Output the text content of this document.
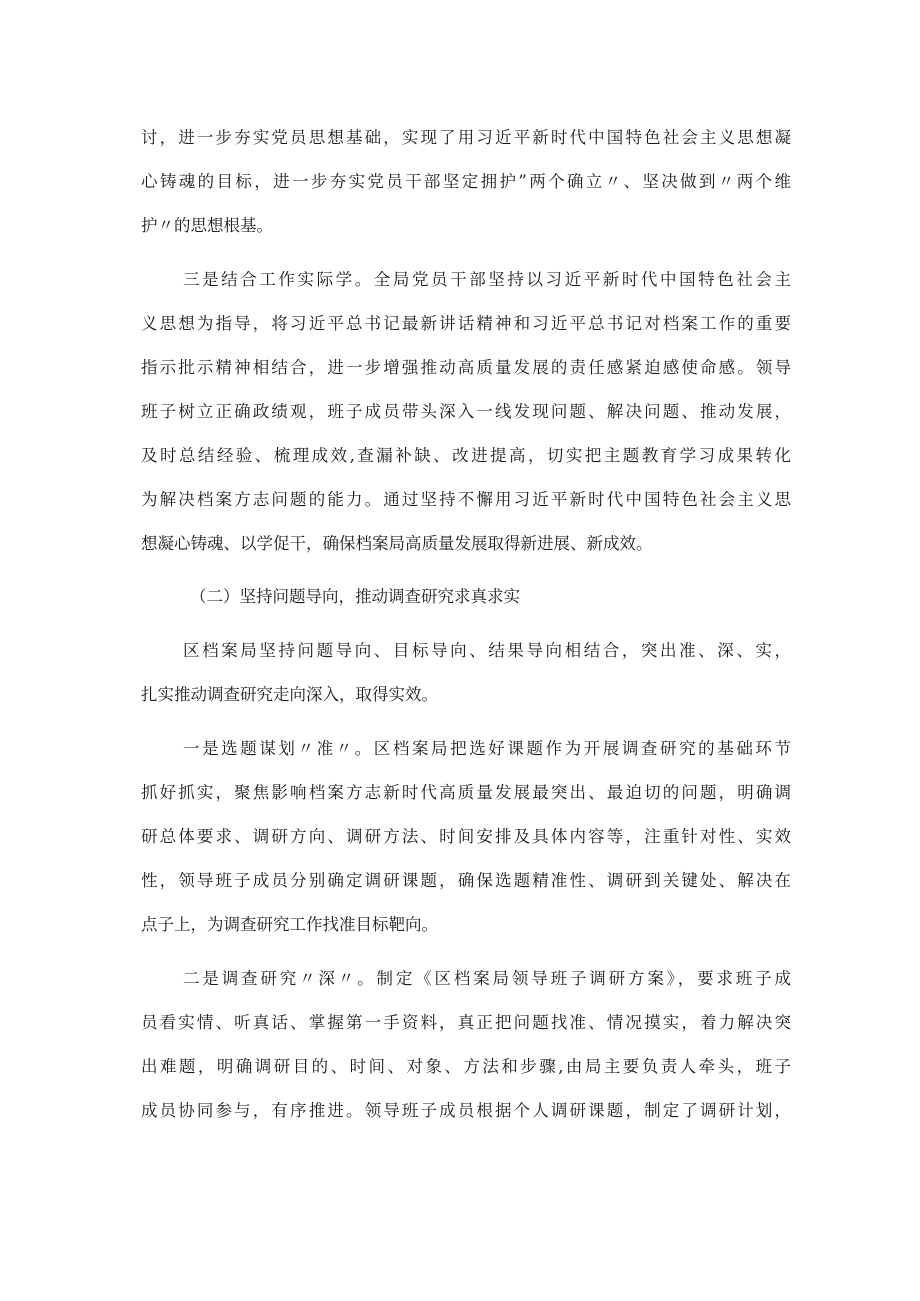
讨，进一步夯实党员思想基础，实现了用习近平新时代中国特色社会主义思想凝
心铸魂的目标，进一步夯实党员干部坚定拥护”两个确立〃、坚决做到〃两个维
护〃的思想根基。
三是结合工作实际学。全局党员干部坚持以习近平新时代中国特色社会主
义思想为指导，将习近平总书记最新讲话精神和习近平总书记对档案工作的重要
指示批示精神相结合，进一步增强推动高质量发展的责任感紧迫感使命感。领导
班子树立正确政绩观，班子成员带头深入一线发现问题、解决问题、推动发展，
及时总结经验、梳理成效,查漏补缺、改进提高，切实把主题教育学习成果转化
为解决档案方志问题的能力。通过坚持不懈用习近平新时代中国特色社会主义思
想凝心铸魂、以学促干，确保档案局高质量发展取得新进展、新成效。
（二）坚持问题导向，推动调查研究求真求实
区档案局坚持问题导向、目标导向、结果导向相结合，突出准、深、实，
扎实推动调查研究走向深入，取得实效。
一是选题谋划〃准〃。区档案局把选好课题作为开展调查研究的基础环节
抓好抓实，聚焦影响档案方志新时代高质量发展最突出、最迫切的问题，明确调
研总体要求、调研方向、调研方法、时间安排及具体内容等，注重针对性、实效
性，领导班子成员分别确定调研课题，确保选题精准性、调研到关键处、解决在
点子上，为调查研究工作找准目标靶向。
二是调查研究〃深〃。制定《区档案局领导班子调研方案》，要求班子成
员看实情、听真话、掌握第一手资料，真正把问题找准、情况摸实，着力解决突
出难题，明确调研目的、时间、对象、方法和步骤,由局主要负责人牵头，班子
成员协同参与，有序推进。领导班子成员根据个人调研课题，制定了调研计划，
